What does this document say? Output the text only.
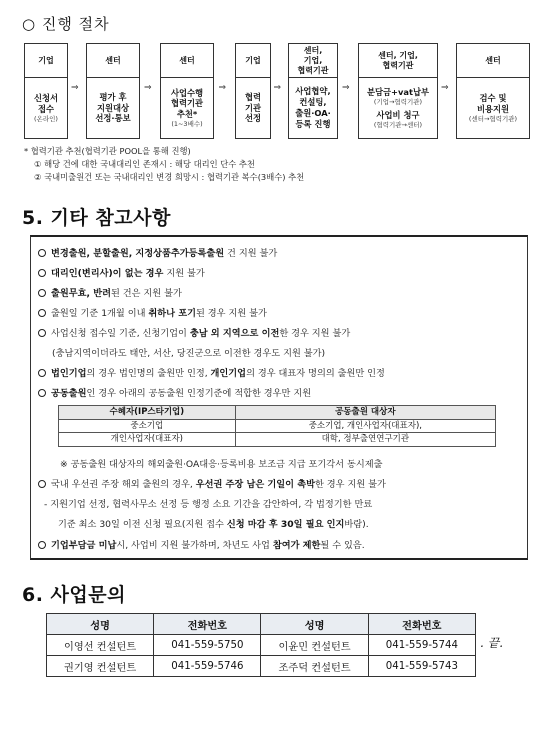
○ 진행 절차
기업
신청서
접수
(온라인)
⇒
센터
평가 후
지원대상
선정·통보
⇒
센터
사업수행
협력기관
추천*
(1~3배수)
⇒
기업
협력
기관
선정
⇒
센터,
기업,
협력기관
사업협약,
컨설팅,
출원·OA·
등록 진행
⇒
센터, 기업,
협력기관
분담금+vat납부
(기업→협력기관)
사업비 청구
(협력기관→센터)
⇒
센터
검수 및
비용지원
(센터→협력기관)
* 협력기관 추천(협력기관 POOL을 통해 진행)
① 해당 건에 대한 국내대리인 존재시 : 해당 대리인 단수 추천
② 국내미출원건 또는 국내대리인 변경 희망시 : 협력기관 복수(3배수) 추천
5. 기타 참고사항
변경출원, 분할출원, 지정상품추가등록출원 건 지원 불가
대리인(변리사)이 없는 경우 지원 불가
출원무효, 반려된 건은 지원 불가
출원일 기준 1개월 이내 취하나 포기된 경우 지원 불가
사업신청 접수일 기준, 신청기업이 충남 외 지역으로 이전한 경우 지원 불가
(충남지역이더라도 태안, 서산, 당진군으로 이전한 경우도 지원 불가)
법인기업의 경우 법인명의 출원만 인정, 개인기업의 경우 대표자 명의의 출원만 인정
공동출원인 경우 아래의 공동출원 인정기준에 적합한 경우만 지원
수혜자(IP스타기업)	공동출원 대상자
중소기업	중소기업, 개인사업자(대표자),
개인사업자(대표자)	대학, 정부출연연구기관
※ 공동출원 대상자의 해외출원·OA대응·등록비용 보조금 지급 포기각서 동시제출
국내 우선권 주장 해외 출원의 경우, 우선권 주장 남은 기일이 촉박한 경우 지원 불가
- 지원기업 선정, 협력사무소 선정 등 행정 소요 기간을 감안하여, 각 법정기한 만료
기준 최소 30일 이전 신청 필요(지원 접수 신청 마감 후 30일 필요 인지바람).
기업부담금 미납시, 사업비 지원 불가하며, 차년도 사업 참여가 제한될 수 있음.
6. 사업문의
성명	전화번호	성명	전화번호
이영선 컨설턴트	041-559-5750	이윤민 컨설턴트	041-559-5744
권기영 컨설턴트	041-559-5746	조주덕 컨설턴트	041-559-5743
. 끝.
